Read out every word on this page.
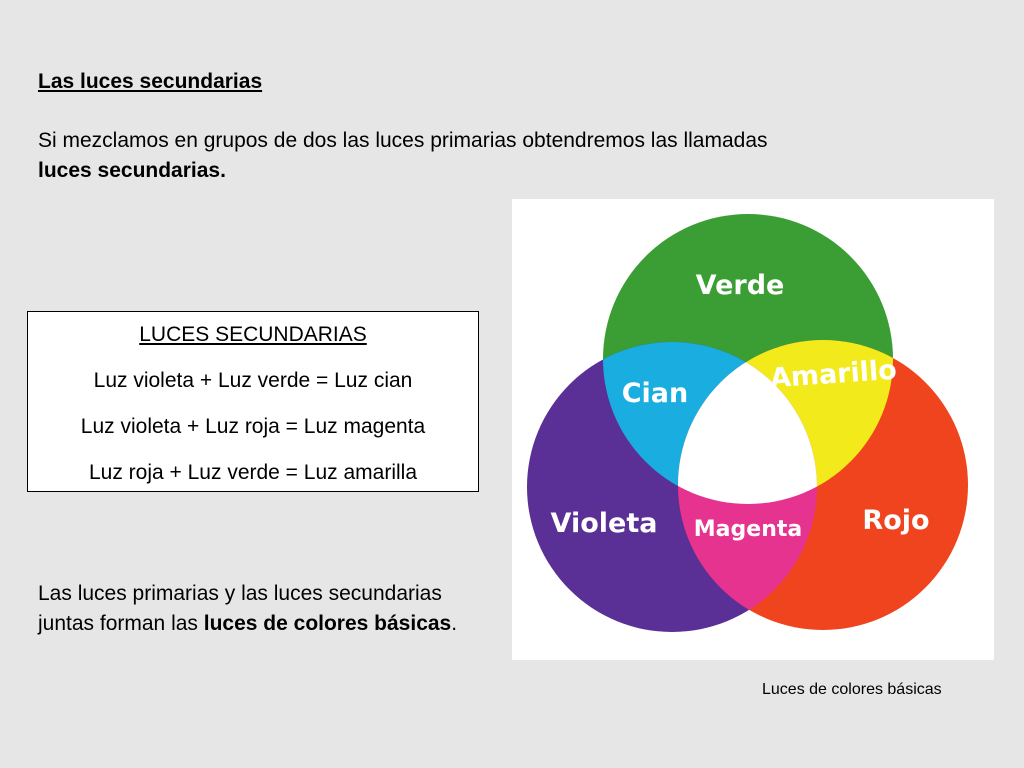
Las luces secundarias

Si mezclamos en grupos de dos las luces primarias obtendremos las llamadas
luces secundarias.

LUCES SECUNDARIAS
Luz violeta + Luz verde = Luz cian
Luz violeta + Luz roja = Luz magenta
Luz roja + Luz verde = Luz amarilla

Las luces primarias y las luces secundarias juntas forman las luces de colores básicas.

Verde
Amarillo
Cian
Violeta Magenta Rojo
Luces de colores básicas
